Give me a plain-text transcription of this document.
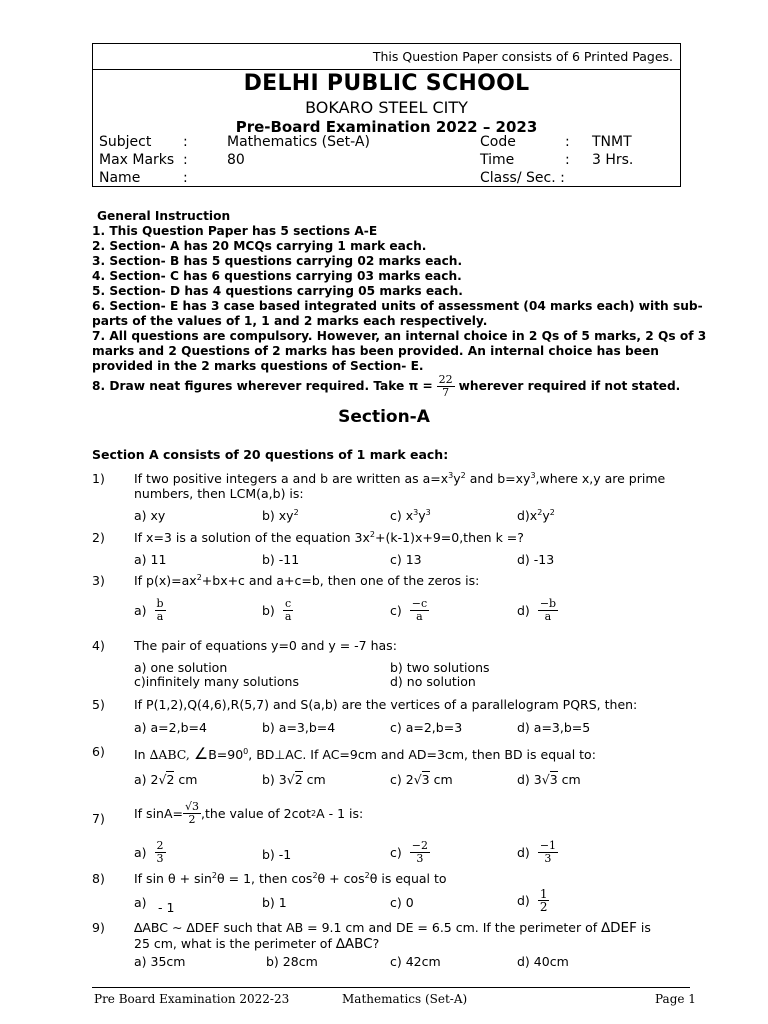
This Question Paper consists of 6 Printed Pages.
DELHI PUBLIC SCHOOL
BOKARO STEEL CITY
Pre-Board Examination 2022 – 2023
Subject :	Mathematics (Set-A)	Code	: TNMT
Max Marks :	80	Time	: 3 Hrs.
Name	:	Class/ Sec. :
General Instruction
1. This Question Paper has 5 sections A-E
2. Section- A has 20 MCQs carrying 1 mark each.
3. Section- B has 5 questions carrying 02 marks each.
4. Section- C has 6 questions carrying 03 marks each.
5. Section- D has 4 questions carrying 05 marks each.
6. Section- E has 3 case based integrated units of assessment (04 marks each) with sub-
parts of the values of 1, 1 and 2 marks each respectively.
7. All questions are compulsory. However, an internal choice in 2 Qs of 5 marks, 2 Qs of 3
marks and 2 Questions of 2 marks has been provided. An internal choice has been
provided in the 2 marks questions of Section- E.
8. Draw neat figures wherever required. Take $\pi = \frac{22}{7}$ wherever required if not stated.
Section-A
Section A consists of 20 questions of 1 mark each:
1) If two positive integers a and b are written as $a=x^3y^2$ and $b=xy^3,where$ x,y are prime
numbers, then LCM(a,b) is:
a) xy	b) $xy^2$	c) $x^3y^3$	$d)x^2y^2$
2) If x=3 is a solution of the equation $3x^2+(k-1)x+9=0,then$ k =?
a) 11	b) -11	c) 13	d) -13
3) If $p(x)=ax^2+bx+c$ and a+c=b, then one of the zeros is:
$a) \frac{b}{a}$	$b) \frac{c}{a}$	$c) \frac{-c}{a}$	$d) \frac{-b}{a}$
4) The pair of equations y=0 and y = -7 has:
a) one solution	b) two solutions
c)infinitely many solutions	d) no solution
5) If P(1,2),Q(4,6),R(5,7) and S(a,b) are the vertices of a parallelogram PQRS, then:
a) a=2,b=4	b) a=3,b=4	c) a=2,b=3	d) a=3,b=5
6) In ∆ABC, $\angle B=90^0$, BD⊥AC. If AC=9cm and AD=3cm, then BD is equal to:
a) 2√2 cm	b) 3√2 cm	c) 2√3 cm	d) 3√3 cm
7) If $\sin A= \frac{√3}{2} ,the$ value of 2cot 2 A - 1 is:
$a) \frac{2}{3}$	b) -1	$c) \frac{-2}{3}$	$d) \frac{-1}{3}$
8) If $\sin \theta + \sin^2\theta = 1$, then $\cos^2\theta + \cos^2\theta$ is equal to
a) - 1	b) 1	c) 0	$d) \frac{1}{2}$
9) ∆ABC ∼ ∆DEF such that AB = 9.1 cm and DE = 6.5 cm. If the perimeter of ∆DEF is
25 cm, what is the perimeter of ∆ABC?
a) 35cm	b) 28cm	c) 42cm	d) 40cm
Pre Board Examination 2022-23	Mathematics (Set-A)	Page 1
